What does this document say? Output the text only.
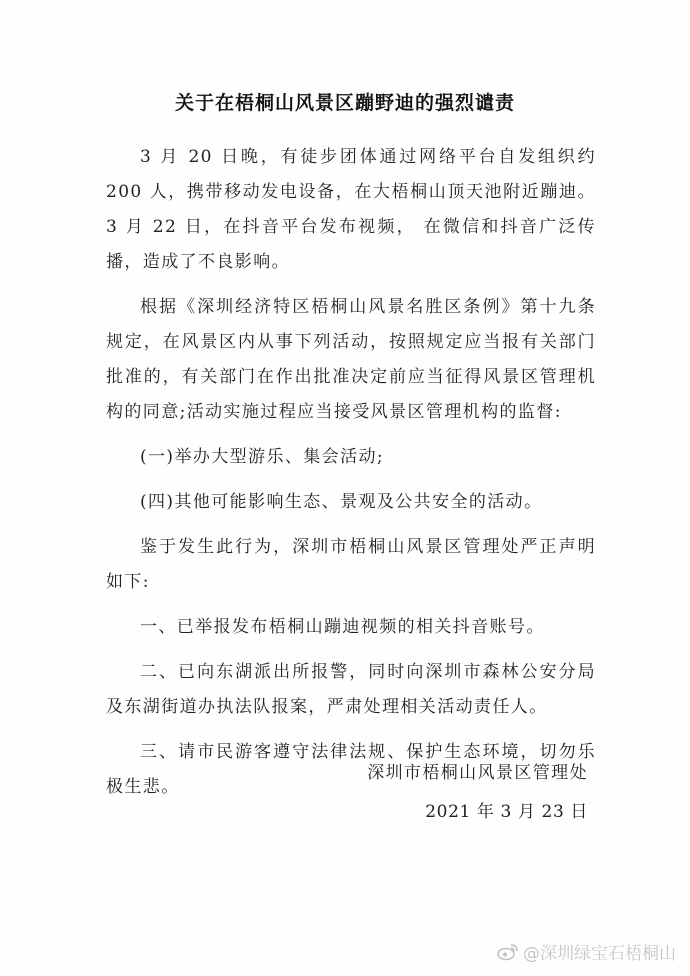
关于在梧桐山风景区蹦野迪的强烈谴责

3 月 20 日晚，有徒步团体通过网络平台自发组织约 200 人，携带移动发电设备，在大梧桐山顶天池附近蹦迪。3 月 22 日，在抖音平台发布视频， 在微信和抖音广泛传播，造成了不良影响。

根据《深圳经济特区梧桐山风景名胜区条例》第十九条规定，在风景区内从事下列活动，按照规定应当报有关部门批准的，有关部门在作出批准决定前应当征得风景区管理机构的同意;活动实施过程应当接受风景区管理机构的监督:

(一)举办大型游乐、集会活动;

(四)其他可能影响生态、景观及公共安全的活动。

鉴于发生此行为，深圳市梧桐山风景区管理处严正声明如下:

一、已举报发布梧桐山蹦迪视频的相关抖音账号。

二、已向东湖派出所报警，同时向深圳市森林公安分局及东湖街道办执法队报案，严肃处理相关活动责任人。

三、请市民游客遵守法律法规、保护生态环境，切勿乐极生悲。

深圳市梧桐山风景区管理处
2021 年 3 月 23 日
@深圳绿宝石梧桐山
